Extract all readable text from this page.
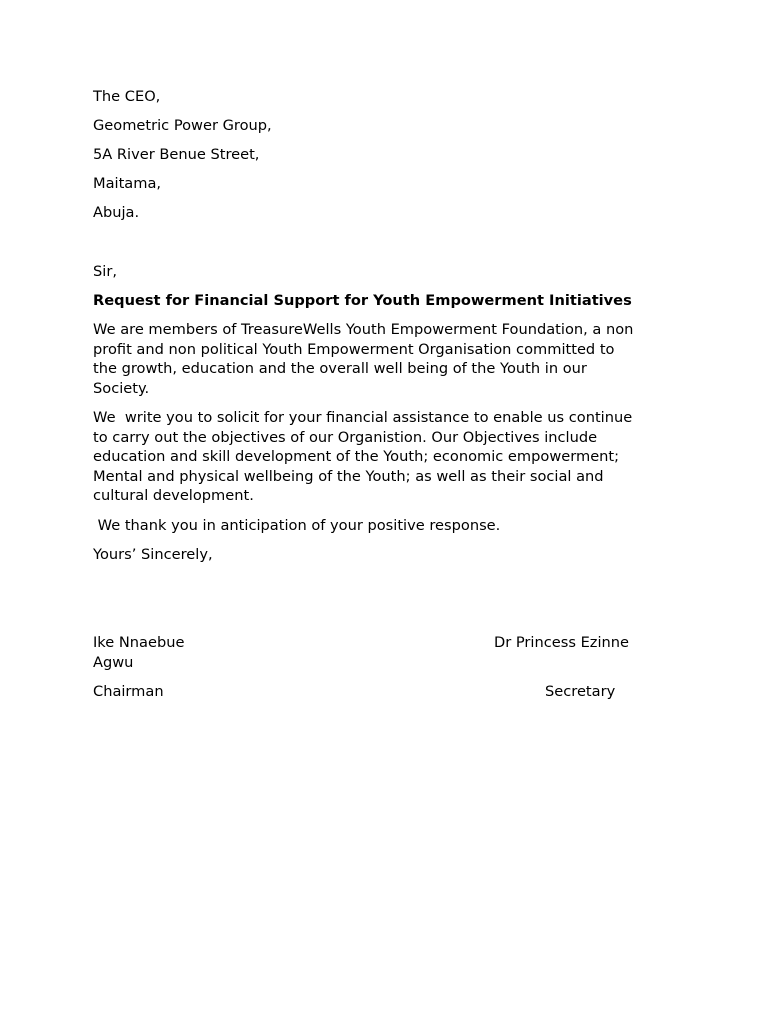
The CEO,
Geometric Power Group,
5A River Benue Street,
Maitama,
Abuja.
Sir,
Request for Financial Support for Youth Empowerment Initiatives
We are members of TreasureWells Youth Empowerment Foundation, a non
profit and non political Youth Empowerment Organisation committed to
the growth, education and the overall well being of the Youth in our
Society.
We  write you to solicit for your financial assistance to enable us continue
to carry out the objectives of our Organistion. Our Objectives include
education and skill development of the Youth; economic empowerment;
Mental and physical wellbeing of the Youth; as well as their social and
cultural development.
We thank you in anticipation of your positive response.
Yours’ Sincerely,
Ike Nnaebue	Dr Princess Ezinne
Agwu
Chairman	Secretary
